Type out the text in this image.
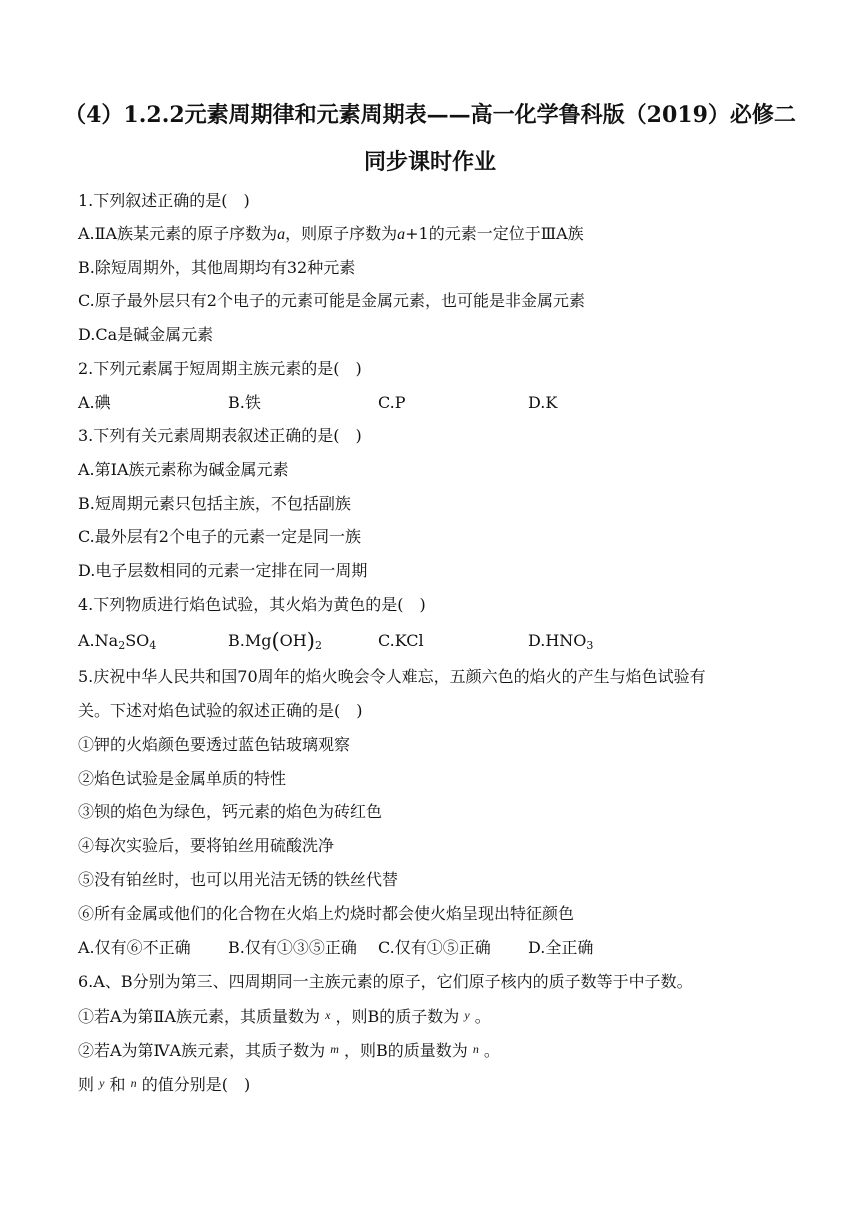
（4）1.2.2元素周期律和元素周期表——高一化学鲁科版（2019）必修二
同步课时作业
1.下列叙述正确的是(　)
A.ⅡA族某元素的原子序数为a，则原子序数为a+1的元素一定位于ⅢA族
B.除短周期外，其他周期均有32种元素
C.原子最外层只有2个电子的元素可能是金属元素，也可能是非金属元素
D.Ca是碱金属元素
2.下列元素属于短周期主族元素的是(　)
A.碘	B.铁	C.P	D.K
3.下列有关元素周期表叙述正确的是(　)
A.第ⅠA族元素称为碱金属元素
B.短周期元素只包括主族，不包括副族
C.最外层有2个电子的元素一定是同一族
D.电子层数相同的元素一定排在同一周期
4.下列物质进行焰色试验，其火焰为黄色的是(　)
$A.Na_2SO_4$	$B.Mg(OH)_2$	C.KCl	$D.HNO_3$
5.庆祝中华人民共和国70周年的焰火晚会令人难忘，五颜六色的焰火的产生与焰色试验有
关。下述对焰色试验的叙述正确的是(　)
①钾的火焰颜色要透过蓝色钴玻璃观察
②焰色试验是金属单质的特性
③钡的焰色为绿色，钙元素的焰色为砖红色
④每次实验后，要将铂丝用硫酸洗净
⑤没有铂丝时，也可以用光洁无锈的铁丝代替
⑥所有金属或他们的化合物在火焰上灼烧时都会使火焰呈现出特征颜色
A.仅有⑥不正确 B.仅有①③⑤正确 C.仅有①⑤正确 D.全正确
6.A、B分别为第三、四周期同一主族元素的原子，它们原子核内的质子数等于中子数。
①若A为第ⅡA族元素，其质量数为 x ，则B的质子数为 y 。
②若A为第ⅣA族元素，其质子数为 m ，则B的质量数为 n 。
则 y 和 n 的值分别是(　)
